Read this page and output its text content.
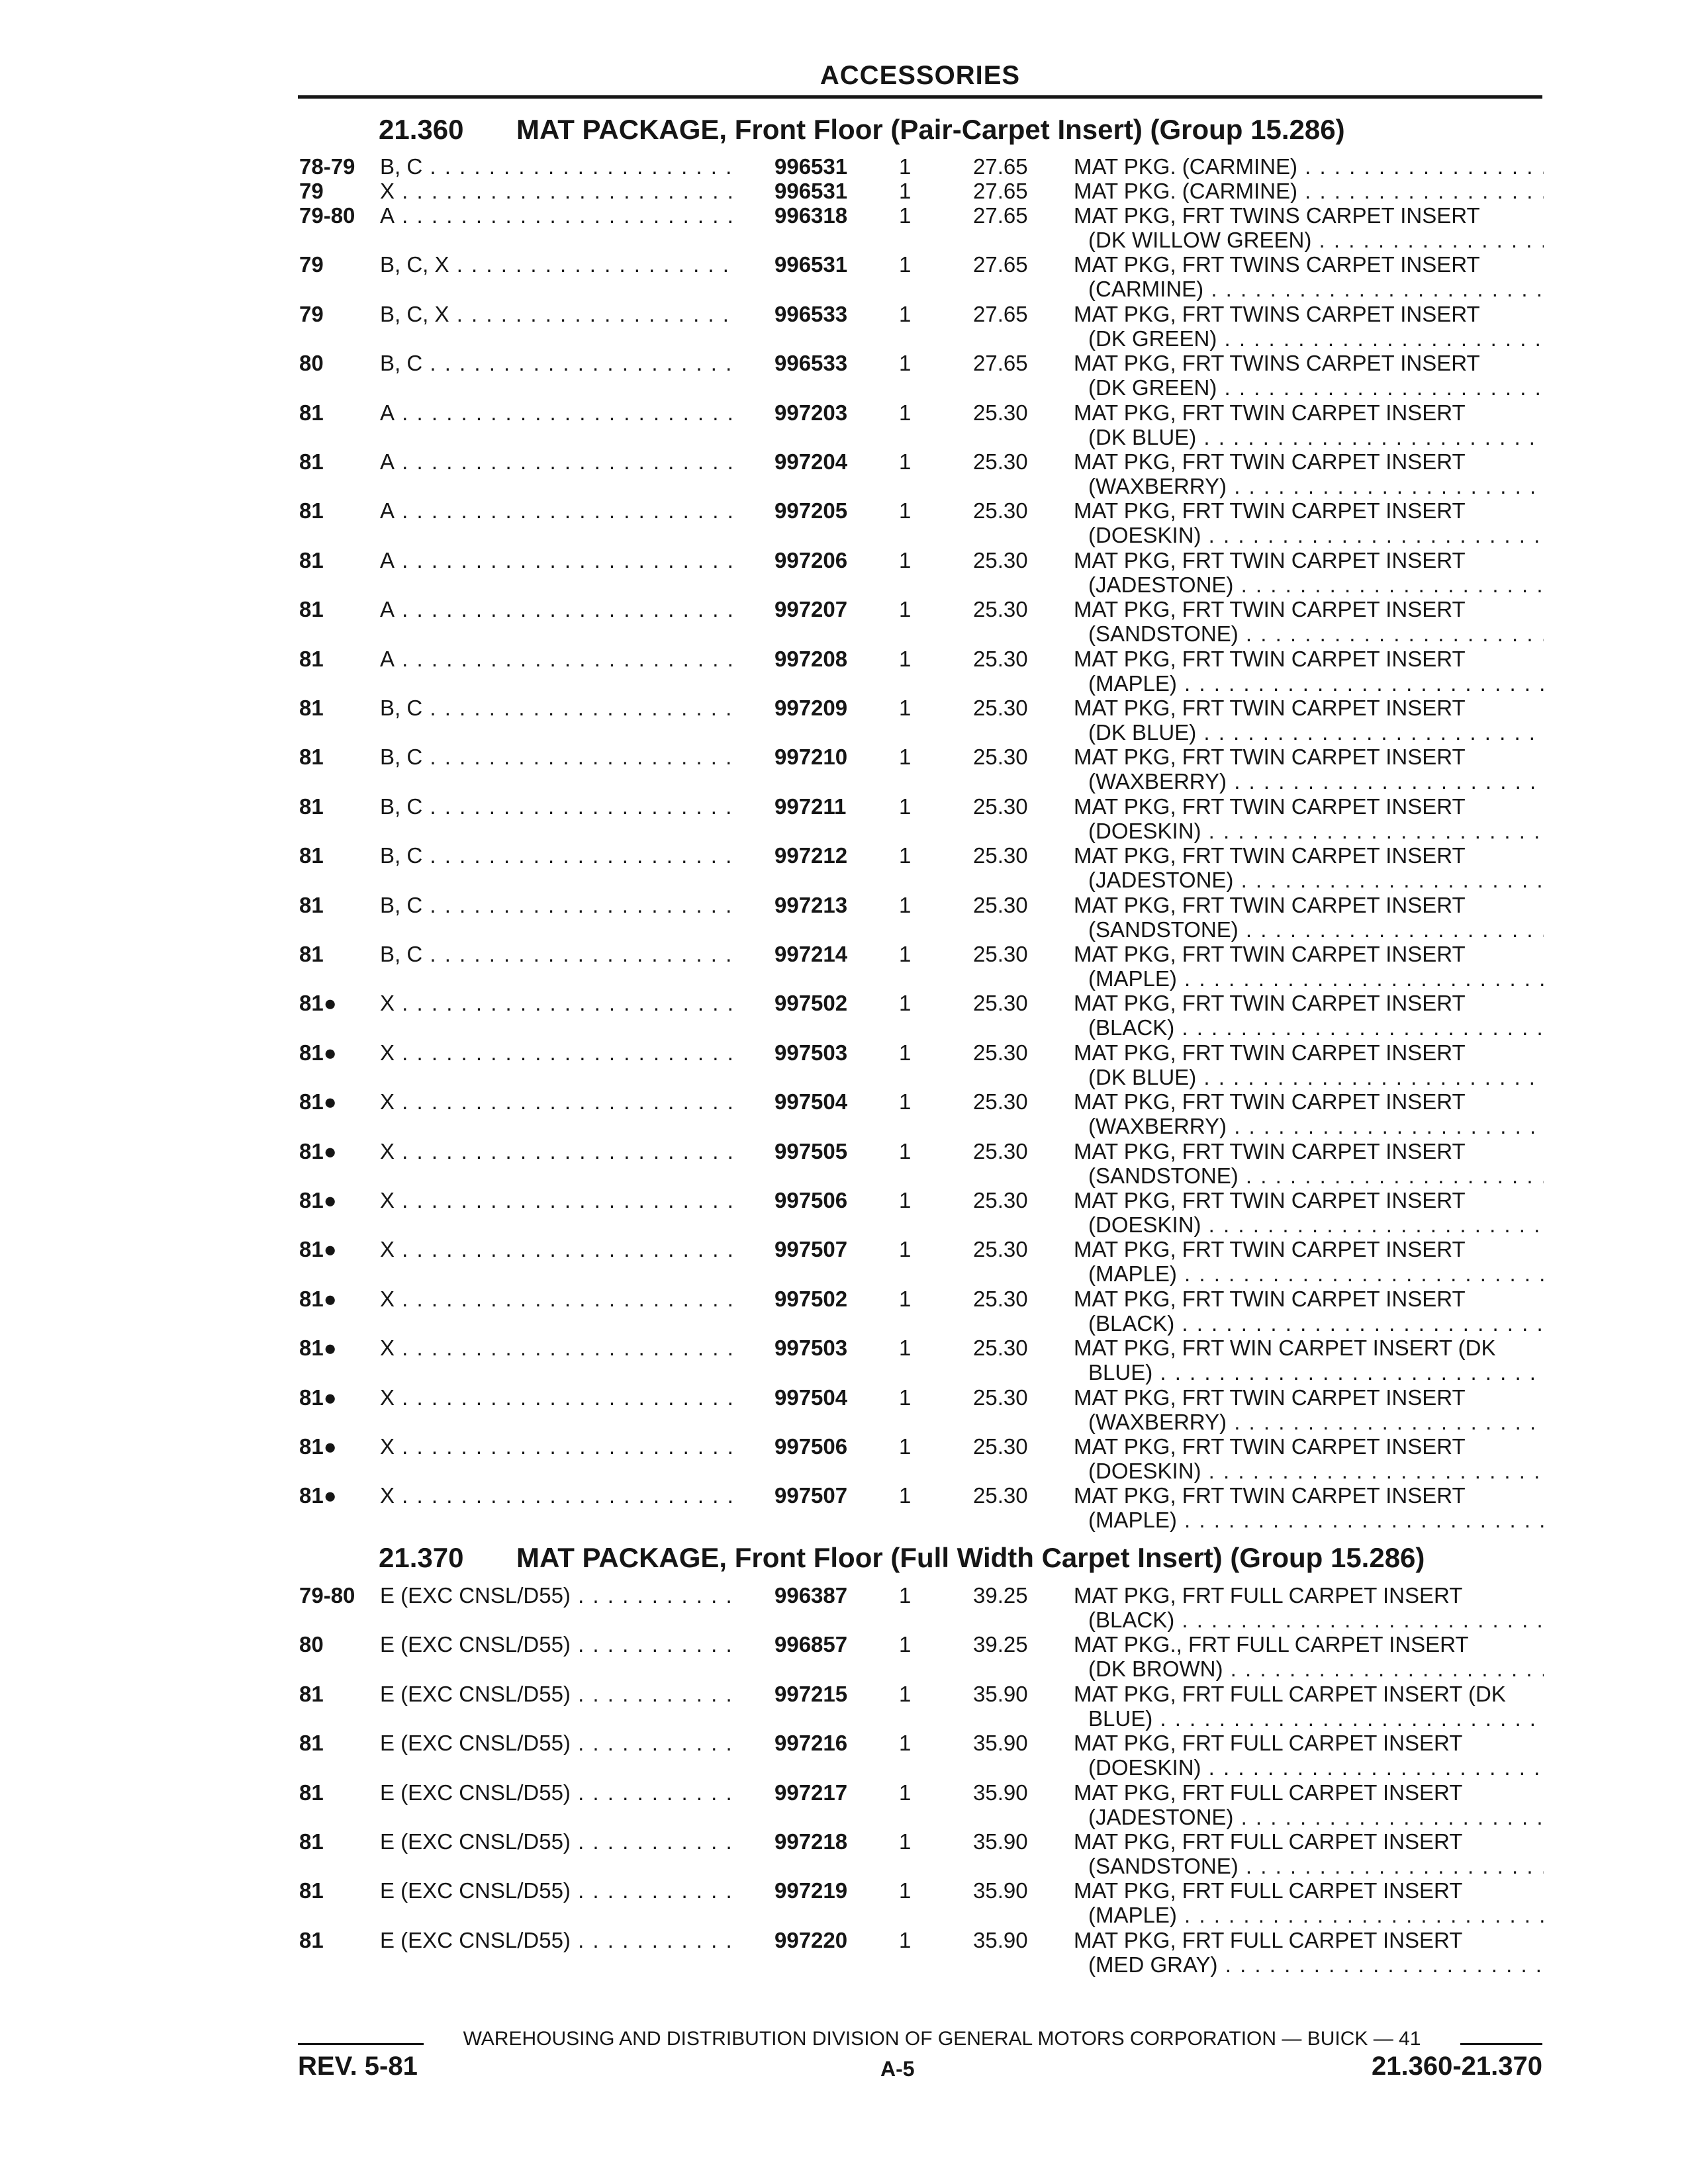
ACCESSORIES
21.360 MAT PACKAGE, Front Floor (Pair-Carpet Insert) (Group 15.286)
78-79 B, C . . .	996531 1	27.65 MAT PKG. (CARMINE) . . .
79	X . . .	996531 1	27.65 MAT PKG. (CARMINE) . . .
79-80 A . . .	996318 1	27.65 MAT PKG, FRT TWINS CARPET INSERT
(DK WILLOW GREEN) . . .
79	B, C, X . . .	996531 1	27.65 MAT PKG, FRT TWINS CARPET INSERT
(CARMINE) . . .
79	B, C, X . . .	996533 1	27.65 MAT PKG, FRT TWINS CARPET INSERT
(DK GREEN) . . .
80	B, C . . .	996533 1	27.65 MAT PKG, FRT TWINS CARPET INSERT
(DK GREEN) . . .
81	A . . .	997203 1	25.30 MAT PKG, FRT TWIN CARPET INSERT
(DK BLUE) . . .
81	A . . .	997204 1	25.30 MAT PKG, FRT TWIN CARPET INSERT
(WAXBERRY) . . .
81	A . . .	997205 1	25.30 MAT PKG, FRT TWIN CARPET INSERT
(DOESKIN) . . .
81	A . . .	997206 1	25.30 MAT PKG, FRT TWIN CARPET INSERT
(JADESTONE) . . .
81	A . . .	997207 1	25.30 MAT PKG, FRT TWIN CARPET INSERT
(SANDSTONE) . . .
81	A . . .	997208 1	25.30 MAT PKG, FRT TWIN CARPET INSERT
(MAPLE) . . .
81	B, C . . .	997209 1	25.30 MAT PKG, FRT TWIN CARPET INSERT
(DK BLUE) . . .
81	B, C . . .	997210 1	25.30 MAT PKG, FRT TWIN CARPET INSERT
(WAXBERRY) . . .
81	B, C . . .	997211 1	25.30 MAT PKG, FRT TWIN CARPET INSERT
(DOESKIN) . . .
81	B, C . . .	997212 1	25.30 MAT PKG, FRT TWIN CARPET INSERT
(JADESTONE) . . .
81	B, C . . .	997213 1	25.30 MAT PKG, FRT TWIN CARPET INSERT
(SANDSTONE) . . .
81	B, C . . .	997214 1	25.30 MAT PKG, FRT TWIN CARPET INSERT
(MAPLE) . . .
81● X . . .	997502 1	25.30 MAT PKG, FRT TWIN CARPET INSERT
(BLACK) . . .
81● X . . .	997503 1	25.30 MAT PKG, FRT TWIN CARPET INSERT
(DK BLUE) . . .
81● X . . .	997504 1	25.30 MAT PKG, FRT TWIN CARPET INSERT
(WAXBERRY) . . .
81● X . . .	997505 1	25.30 MAT PKG, FRT TWIN CARPET INSERT
(SANDSTONE) . . .
81● X . . .	997506 1	25.30 MAT PKG, FRT TWIN CARPET INSERT
(DOESKIN) . . .
81● X . . .	997507 1	25.30 MAT PKG, FRT TWIN CARPET INSERT
(MAPLE) . . .
81● X . . .	997502 1	25.30 MAT PKG, FRT TWIN CARPET INSERT
(BLACK) . . .
81● X . . .	997503 1	25.30 MAT PKG, FRT WIN CARPET INSERT (DK
BLUE) . . .
81● X . . .	997504 1	25.30 MAT PKG, FRT TWIN CARPET INSERT
(WAXBERRY) . . .
81● X . . .	997506 1	25.30 MAT PKG, FRT TWIN CARPET INSERT
(DOESKIN) . . .
81● X . . .	997507 1	25.30 MAT PKG, FRT TWIN CARPET INSERT
(MAPLE) . . .
21.370 MAT PACKAGE, Front Floor (Full Width Carpet Insert) (Group 15.286)
79-80 E (EXC CNSL/D55) . . .	996387 1	39.25 MAT PKG, FRT FULL CARPET INSERT
(BLACK) . . .
80	E (EXC CNSL/D55) . . .	996857 1	39.25 MAT PKG., FRT FULL CARPET INSERT
(DK BROWN) . . .
81	E (EXC CNSL/D55) . . .	997215 1	35.90 MAT PKG, FRT FULL CARPET INSERT (DK
BLUE) . . .
81	E (EXC CNSL/D55) . . .	997216 1	35.90 MAT PKG, FRT FULL CARPET INSERT
(DOESKIN) . . .
81	E (EXC CNSL/D55) . . .	997217 1	35.90 MAT PKG, FRT FULL CARPET INSERT
(JADESTONE) . . .
81	E (EXC CNSL/D55) . . .	997218 1	35.90 MAT PKG, FRT FULL CARPET INSERT
(SANDSTONE) . . .
81	E (EXC CNSL/D55) . . .	997219 1	35.90 MAT PKG, FRT FULL CARPET INSERT
(MAPLE) . . .
81	E (EXC CNSL/D55) . . .	997220 1	35.90 MAT PKG, FRT FULL CARPET INSERT
(MED GRAY) . . .
WAREHOUSING AND DISTRIBUTION DIVISION OF GENERAL MOTORS CORPORATION — BUICK — 41
REV. 5-81	A-5	21.360-21.370
